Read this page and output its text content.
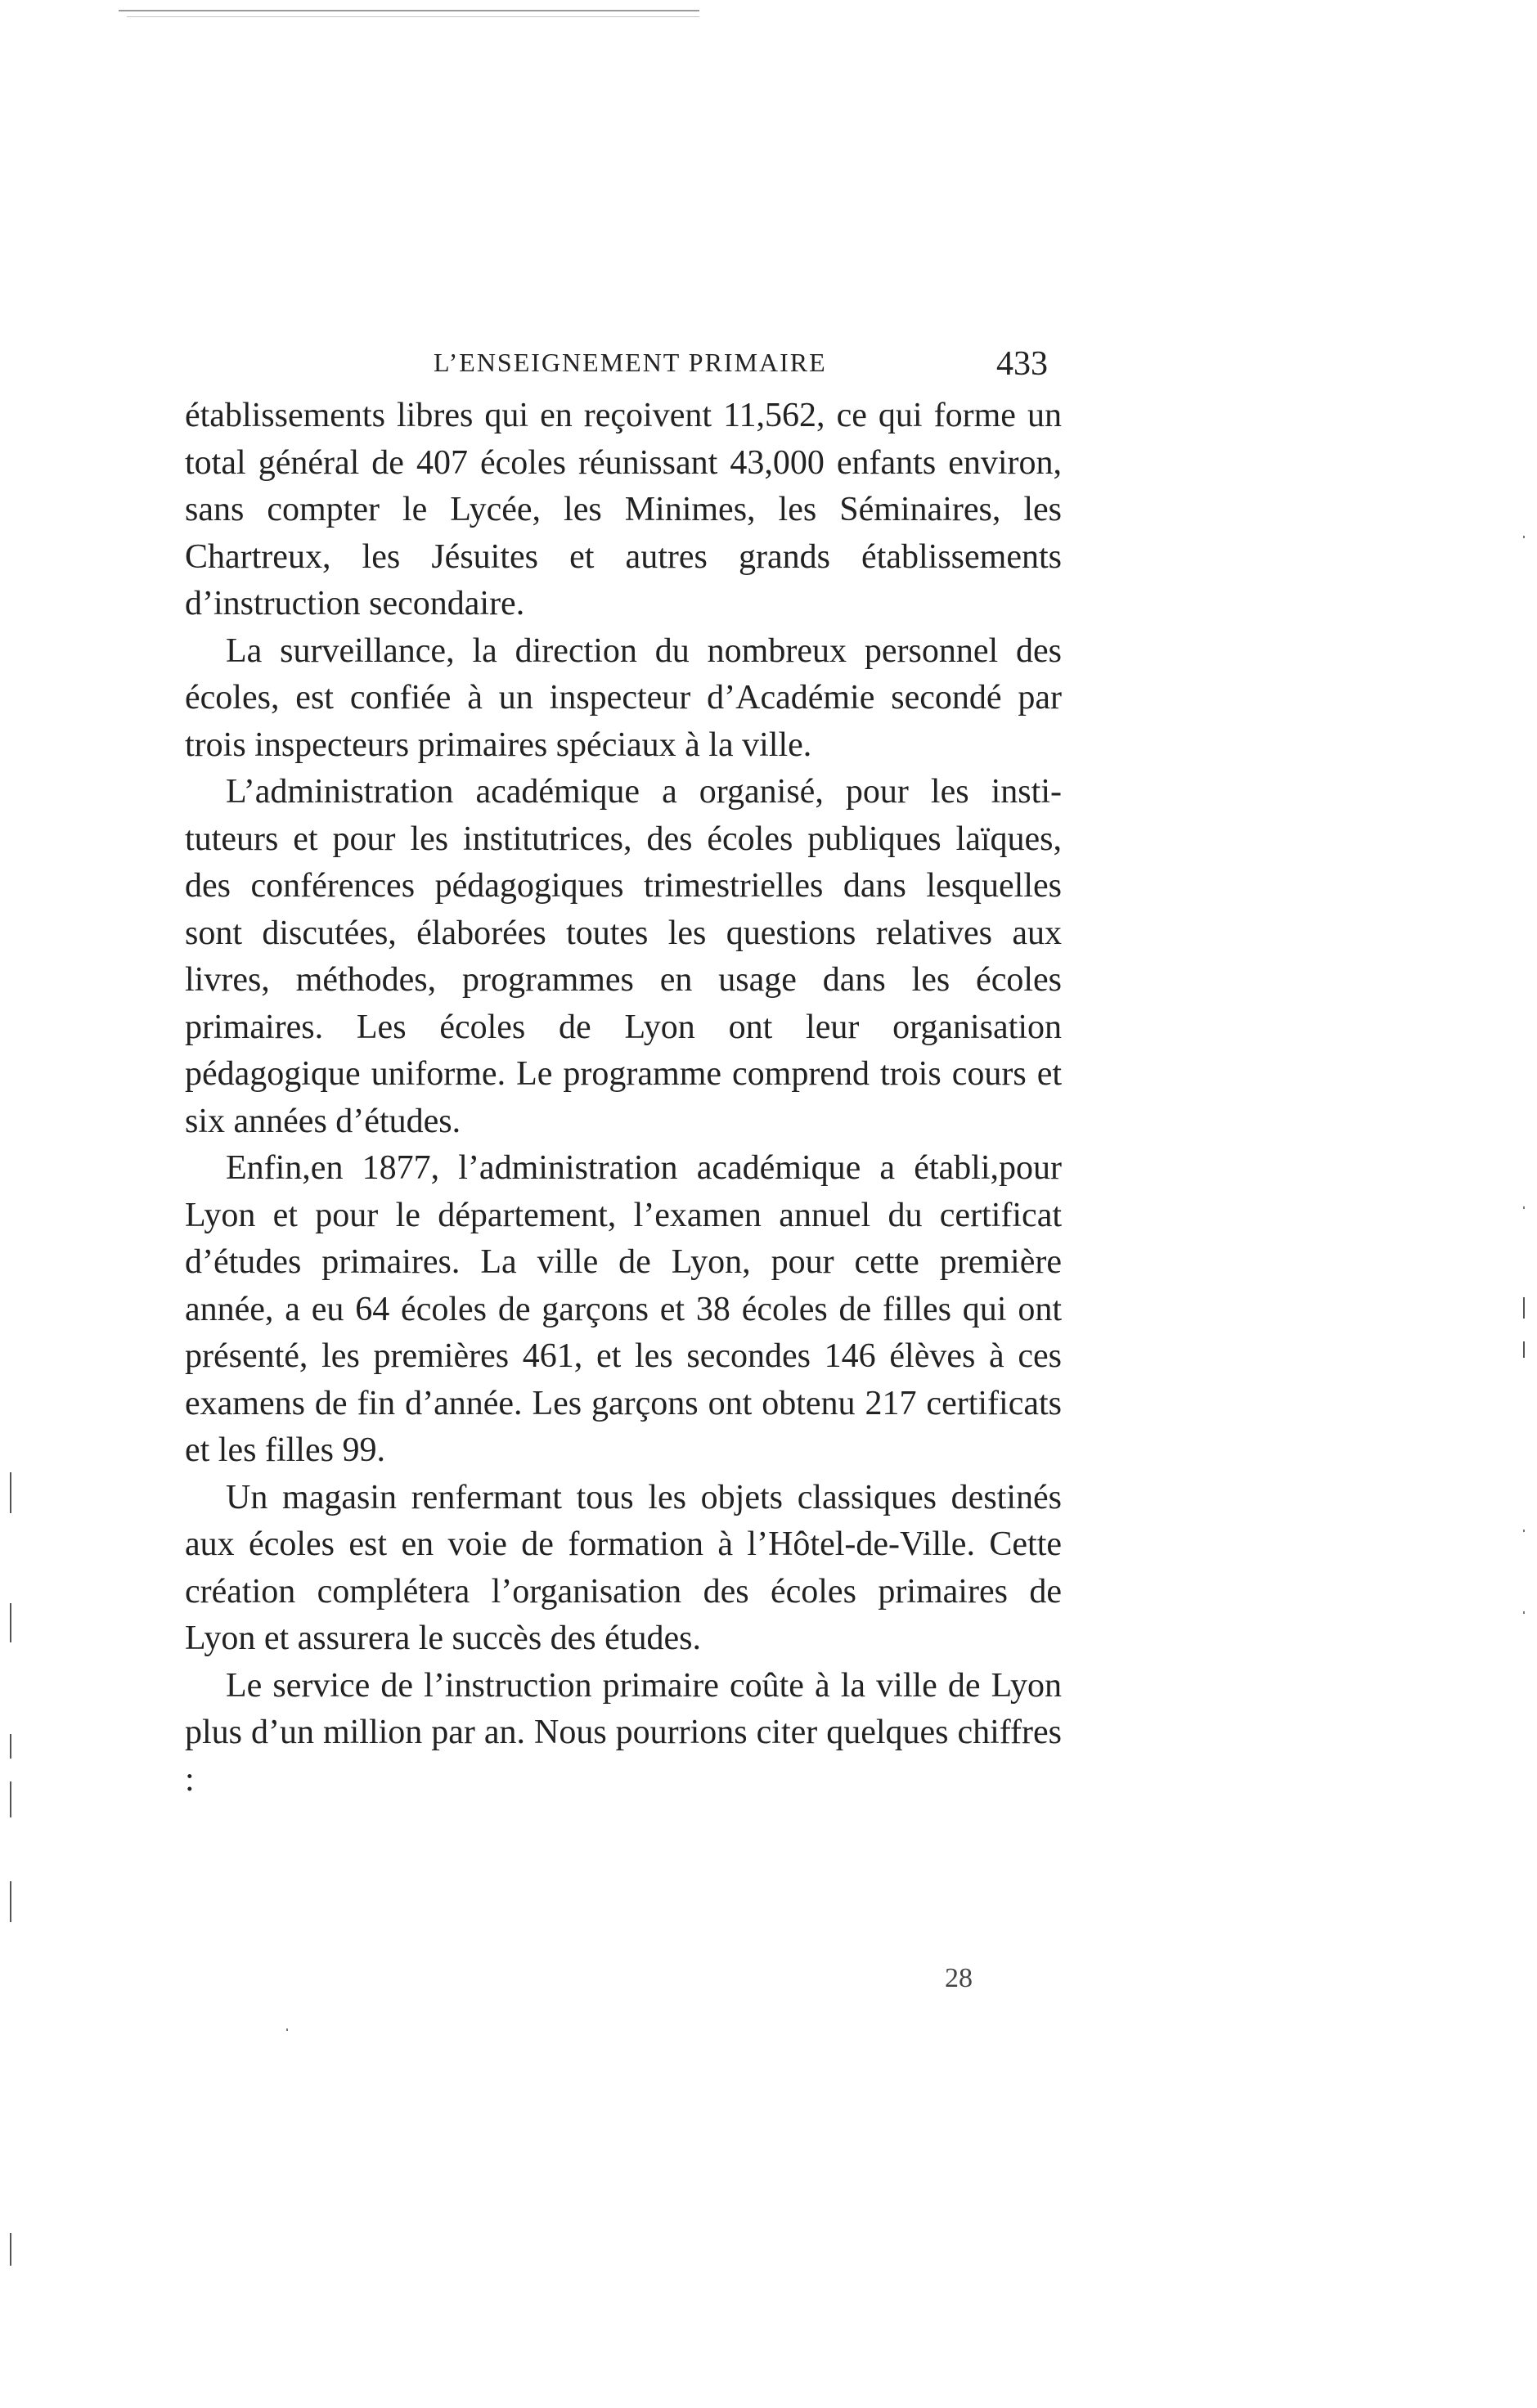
L’ENSEIGNEMENT PRIMAIRE	433

établissements libres qui en reçoivent 11,562, ce qui forme un total général de 407 écoles réunissant 43,000 enfants environ, sans compter le Lycée, les Minimes, les Séminaires, les Chartreux, les Jésuites et autres grands établissements d’instruction secondaire.

La surveillance, la direction du nombreux personnel des écoles, est confiée à un inspecteur d’Académie secondé par trois inspecteurs primaires spéciaux à la ville.

L’administration académique a organisé, pour les instituteurs et pour les institutrices, des écoles publiques laïques, des conférences pédagogiques trimestrielles dans lesquelles sont discutées, élaborées toutes les questions relatives aux livres, méthodes, programmes en usage dans les écoles primaires. Les écoles de Lyon ont leur organisation pédagogique uniforme. Le programme comprend trois cours et six années d’études.

Enfin,en 1877, l’administration académique a établi,pour Lyon et pour le département, l’examen annuel du certificat d’études primaires. La ville de Lyon, pour cette première année, a eu 64 écoles de garçons et 38 écoles de filles qui ont présenté, les premières 461, et les secondes 146 élèves à ces examens de fin d’année. Les garçons ont obtenu 217 certificats et les filles 99.

Un magasin renfermant tous les objets classiques destinés aux écoles est en voie de formation à l’Hôtel-de-Ville. Cette création complétera l’organisation des écoles primaires de Lyon et assurera le succès des études.

Le service de l’instruction primaire coûte à la ville de Lyon plus d’un million par an. Nous pourrions citer quelques chiffres :

28
